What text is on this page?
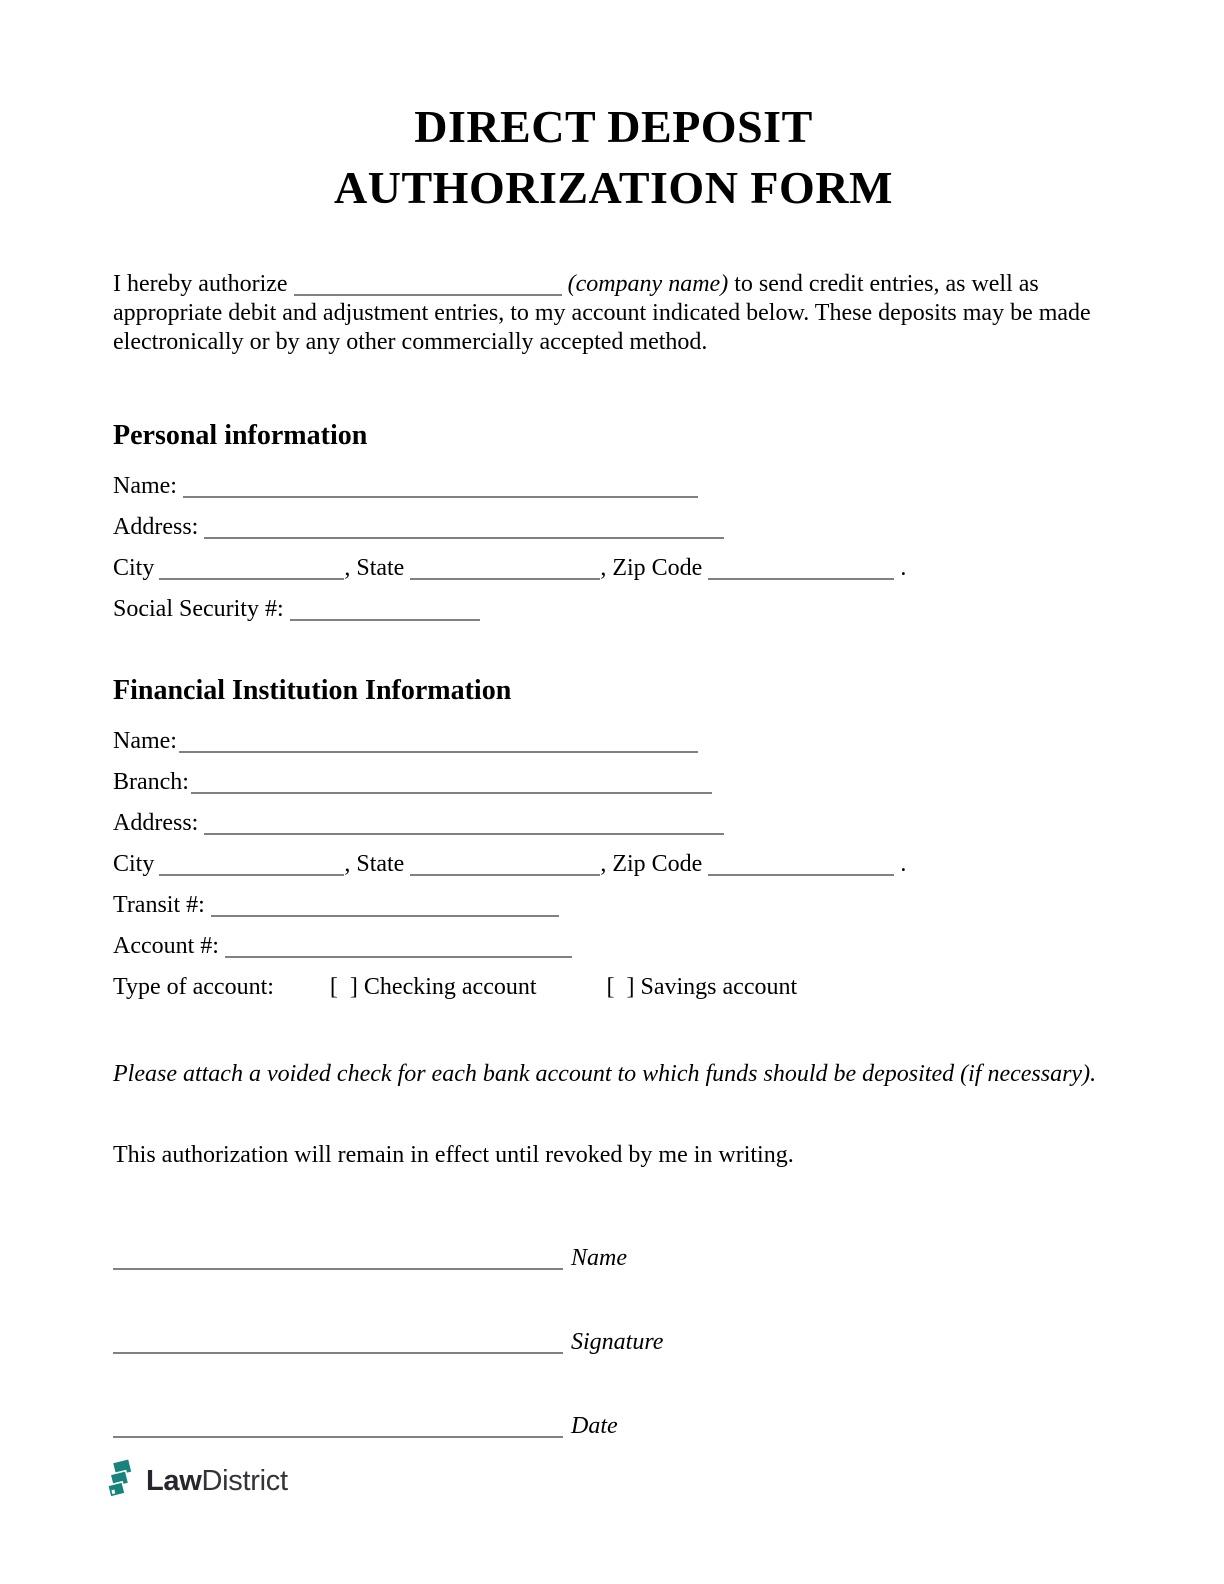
DIRECT DEPOSIT
AUTHORIZATION FORM

I hereby authorize	(company name) to send credit entries, as well as
appropriate debit and adjustment entries, to my account indicated below. These deposits may be made
electronically or by any other commercially accepted method.

Personal information
Name:
Address:
City	, State	, Zip Code	.
Social Security #:
Financial Institution Information
Name:
Branch:
Address:
City	, State	, Zip Code	.
Transit #:
Account #:
Type of account: [  ] Checking account	[  ] Savings account

Please attach a voided check for each bank account to which funds should be deposited (if necessary).

This authorization will remain in effect until revoked by me in writing.

Name
Signature
Date
Law District
